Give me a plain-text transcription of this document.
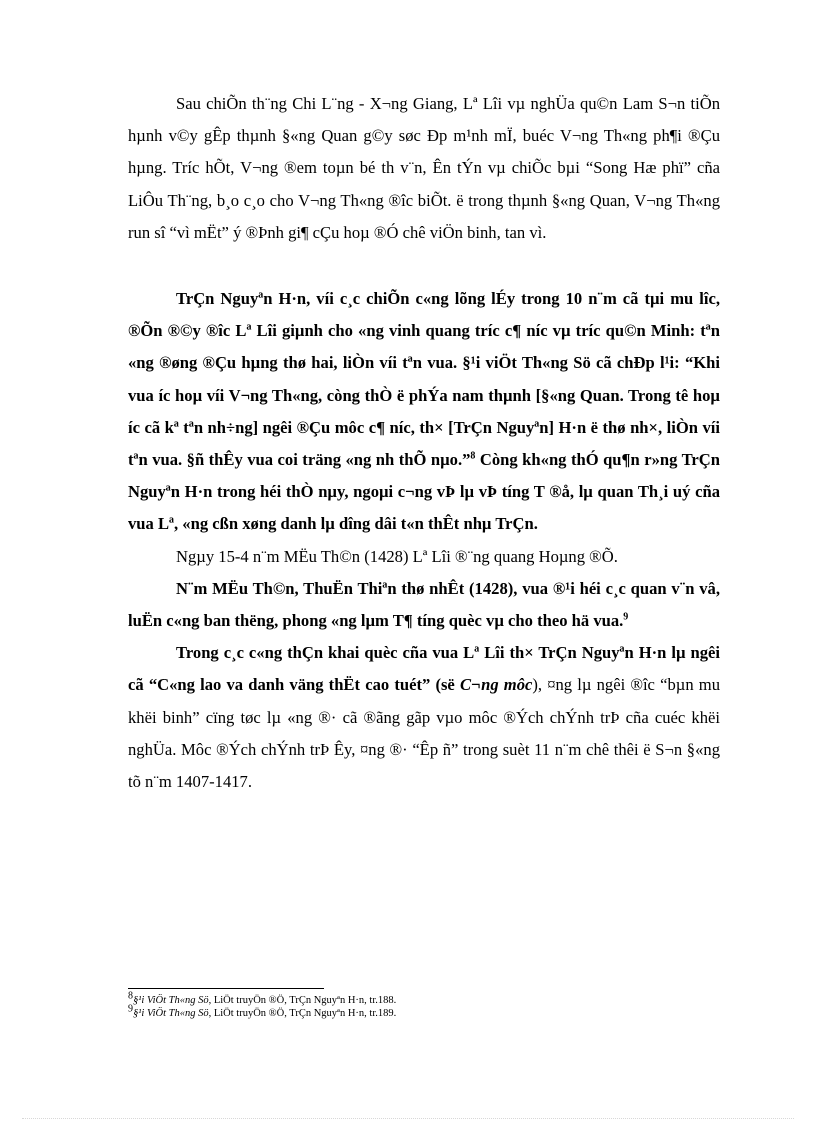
Sau chiÕn th¨ng Chi L¨ng - X¬ng Giang, Lª Lîi vµ nghÜa qu©n Lam S¬n tiÕn hµnh v©y gÊp thµnh §«ng Quan g©y søc Ðp m¹nh mÏ, buéc V¬ng Th«ng ph¶i ®Çu hµng. Tríc hÕt, V¬ng ®em toµn bé th v¨n, Ên tÝn vµ chiÕc bµi “Song Hæ phï” cña LiÔu Th¨ng, b¸o c¸o cho V¬ng Th«ng ®îc biÕt. ë trong thµnh §«ng Quan, V¬ng Th«ng run sî “vì mËt” ý ®Þnh gi¶ cÇu hoµ ®Ó chê viÖn binh, tan vì.

TrÇn Nguyªn H·n, víi c¸c chiÕn c«ng lõng lÉy trong 10 n¨m cã tµi mu lîc, ®Õn ®©y ®îc Lª Lîi giµnh cho «ng vinh quang tríc c¶ níc vµ tríc qu©n Minh: tªn «ng ®øng ®Çu hµng thø hai, liÒn víi tªn vua. §¹i viÖt Th«ng Sö cã chÐp l¹i: “Khi vua íc hoµ víi V¬ng Th«ng, còng thÒ ë phÝa nam thµnh [§«ng Quan. Trong tê hoµ íc cã kª tªn nh÷ng] ngêi ®Çu môc c¶ níc, th× [TrÇn Nguyªn] H·n ë thø nh×, liÒn víi tªn vua. §ñ thÊy vua coi träng «ng nh thÕ nµo.”$^8$ Còng kh«ng thÓ qu¶n r»ng TrÇn Nguyªn H·n trong héi thÒ nµy, ngoµi c¬ng vÞ lµ vÞ tíng T ®å, lµ quan Th¸i uý cña vua Lª, «ng cßn xøng danh lµ dîng dâi t«n thÊt nhµ TrÇn.

Ngµy 15-4 n¨m MËu Th©n (1428) Lª Lîi ®¨ng quang Hoµng ®Õ.

N¨m MËu Th©n, ThuËn Thiªn thø nhÊt (1428), vua ®¹i héi c¸c quan v¨n vâ, luËn c«ng ban thëng, phong «ng lµm T¶ tíng quèc vµ cho theo hä vua.$^9$

Trong c¸c c«ng thÇn khai quèc cña vua Lª Lîi th× TrÇn Nguyªn H·n lµ ngêi cã “C«ng lao va danh väng thËt cao tuét” (së C¬ng môc), ¤ng lµ ngêi ®îc “bµn mu khëi binh” cïng tøc lµ «ng ®· cã ®ãng gãp vµo môc ®Ých chÝnh trÞ cña cuéc khëi nghÜa. Môc ®Ých chÝnh trÞ Êy, ¤ng ®· “Êp ñ” trong suèt 11 n¨m chê thêi ë S¬n §«ng tõ n¨m 1407-1417.

$^8$§¹i ViÖt Th«ng Sö, LiÖt truyÖn ®Ö, TrÇn Nguyªn H·n, tr.188.

$^9$§¹i ViÖt Th«ng Sö, LiÖt truyÖn ®Ö, TrÇn Nguyªn H·n, tr.189.
